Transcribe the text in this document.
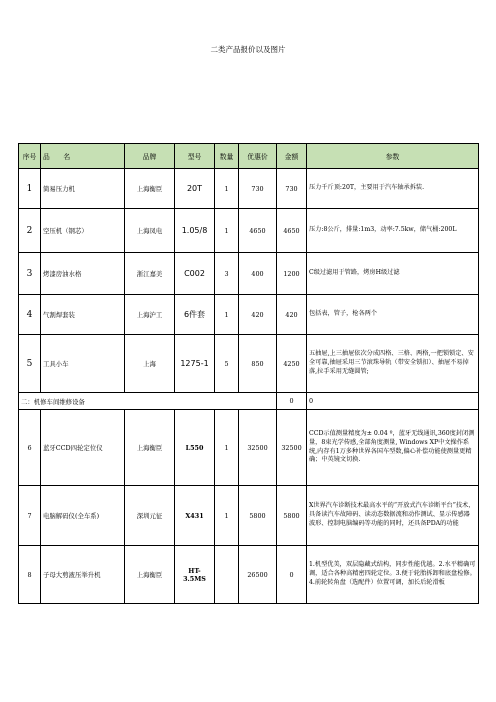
二类产品报价以及图片
序号	品　　名	品牌	型号	数量	优惠价	金额	参数
1	简易压力机	上海衡臣	20T	1	730	730	压力千斤顶:20T，主要用于汽车轴承拆装.
2	空压机（钢芯）	上海凤电	1.05/8	1	4650	4650	压力:8公斤，排量:1m3，动率:7.5kw，储气桶:200L
3	烤漆房油水格	浙江嘉美	C002	3	400	1200	C级过滤用于管路，烤房H级过滤
4	气割焊套装	上海沪工	6件套	1	420	420	包括表，管子，枪各两个
5	工具小车	上海	1275-1	5	850	4250	五抽屉,上三抽屉依次分成四格、三格、两格,一把锁锁定、安全可靠,抽屉采用三节滚珠导轨（带安全锁扣）、抽屉不易掉落,拉手采用无缝圆管;
二：机修车间维修设备						0	0
6	蓝牙CCD四轮定位仪	上海衡臣	L550	1	32500	32500	CCD示值测量精度为± 0.04 º，蓝牙无线通讯,360度封闭测量，8束光学传感,全部角度测量, Windows XP中文操作系统,内存有1万多种世界各国车型数,偏心补偿功能使测量更精确；中英镜文切换.
7	电脑解码仪(全车系)	深圳元征	X431	1	5800	5800	X世界汽车诊断技术最高水平的“开放式汽车诊断平台”技术，具备读汽车故障码、读动态数据流和动作测试、显示传感器波形、控制电脑编码等功能的同时，还具备PDA的功能
8	子母大剪液压举升机	上海衡臣	HT-3.5MS		26500	0	1.机型优美，双层隐藏式结构，同步性能优越。2.水平精确可调，适合各种高精密四轮定位。3.便于轮胎拆卸和底盘检修。4.前轮转角盘（选配件）位置可调，加长后轮滑板
